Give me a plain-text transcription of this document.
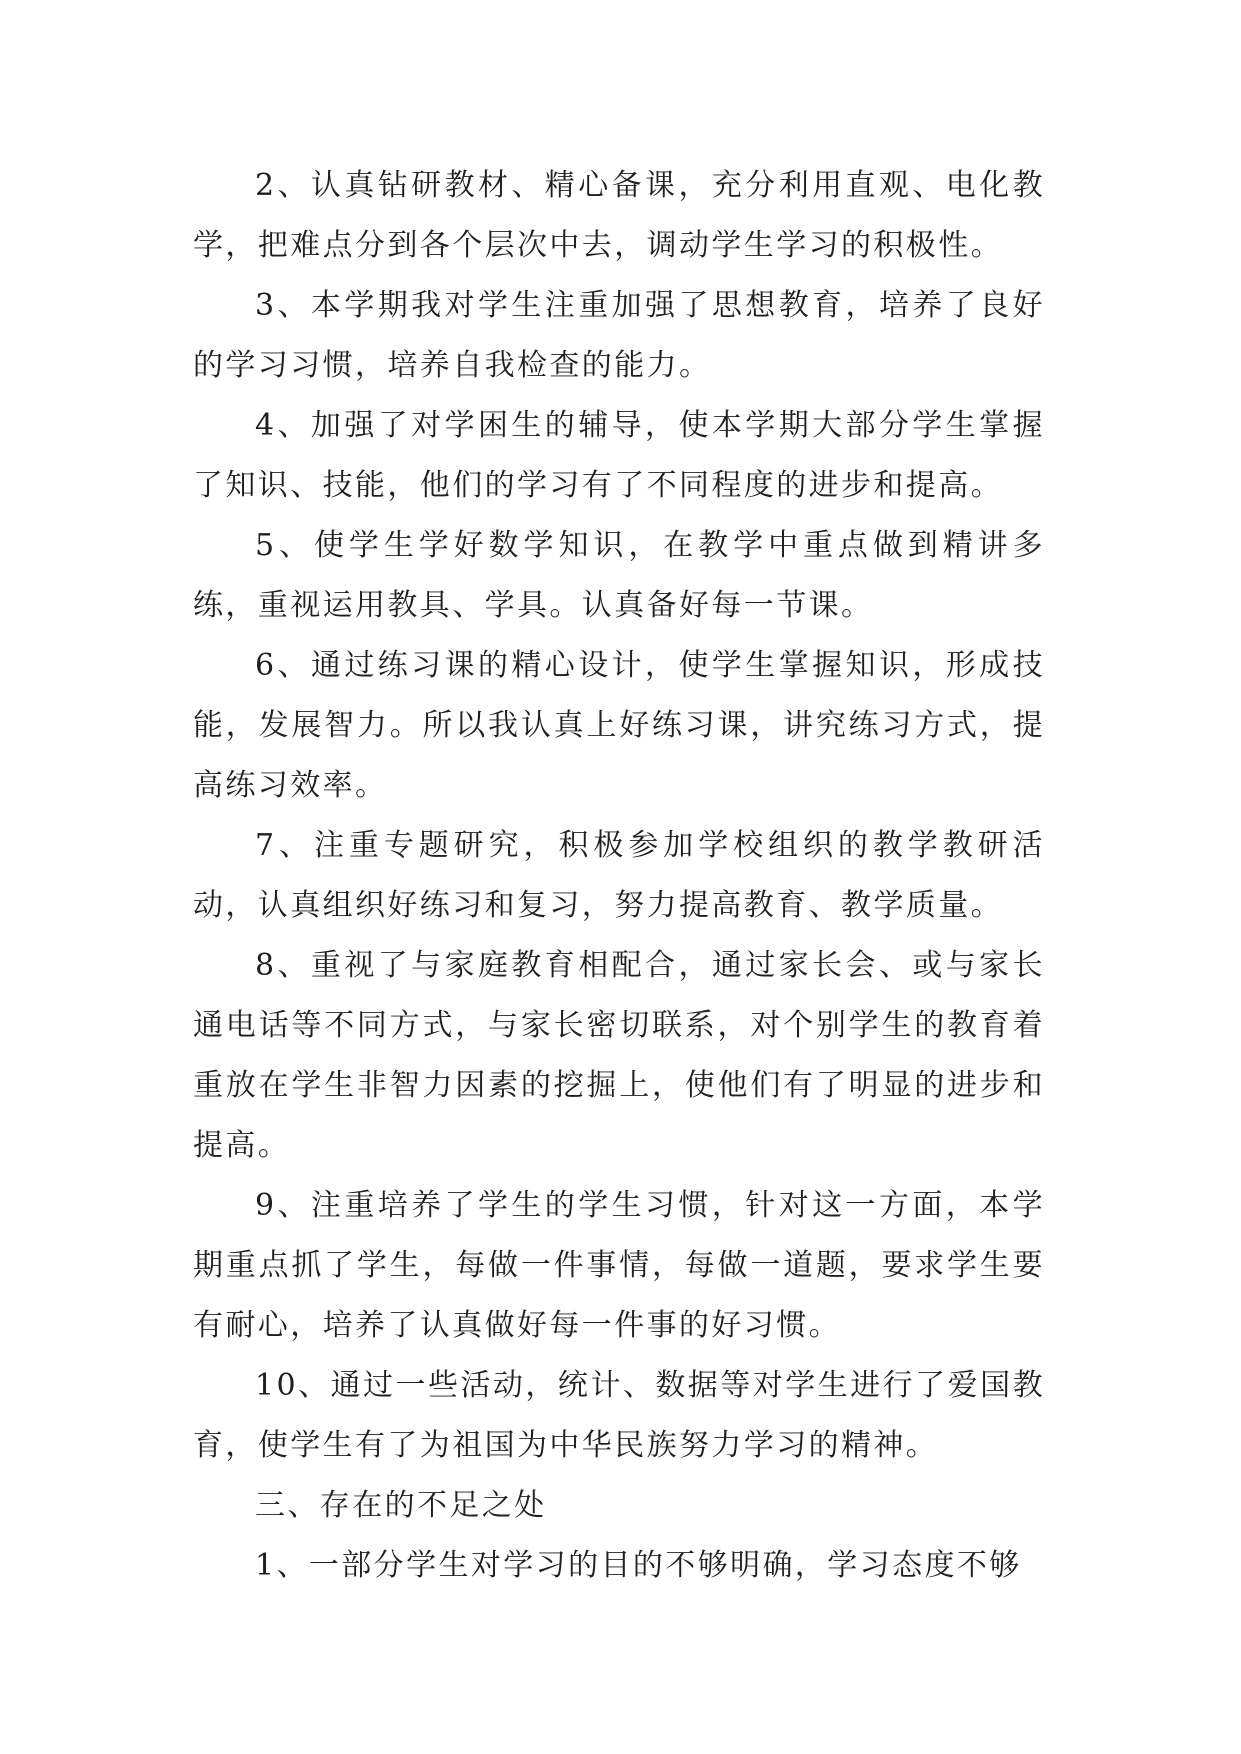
2、认真钻研教材、精心备课，充分利用直观、电化教学，把难点分到各个层次中去，调动学生学习的积极性。

3、本学期我对学生注重加强了思想教育，培养了良好的学习习惯，培养自我检查的能力。

4、加强了对学困生的辅导，使本学期大部分学生掌握了知识、技能，他们的学习有了不同程度的进步和提高。

5、使学生学好数学知识，在教学中重点做到精讲多练，重视运用教具、学具。认真备好每一节课。

6、通过练习课的精心设计，使学生掌握知识，形成技能，发展智力。所以我认真上好练习课，讲究练习方式，提高练习效率。

7、注重专题研究，积极参加学校组织的教学教研活动，认真组织好练习和复习，努力提高教育、教学质量。

8、重视了与家庭教育相配合，通过家长会、或与家长通电话等不同方式，与家长密切联系，对个别学生的教育着重放在学生非智力因素的挖掘上，使他们有了明显的进步和提高。

9、注重培养了学生的学生习惯，针对这一方面，本学期重点抓了学生，每做一件事情，每做一道题，要求学生要有耐心，培养了认真做好每一件事的好习惯。

10、通过一些活动，统计、数据等对学生进行了爱国教育，使学生有了为祖国为中华民族努力学习的精神。

三、存在的不足之处

1、一部分学生对学习的目的不够明确，学习态度不够
